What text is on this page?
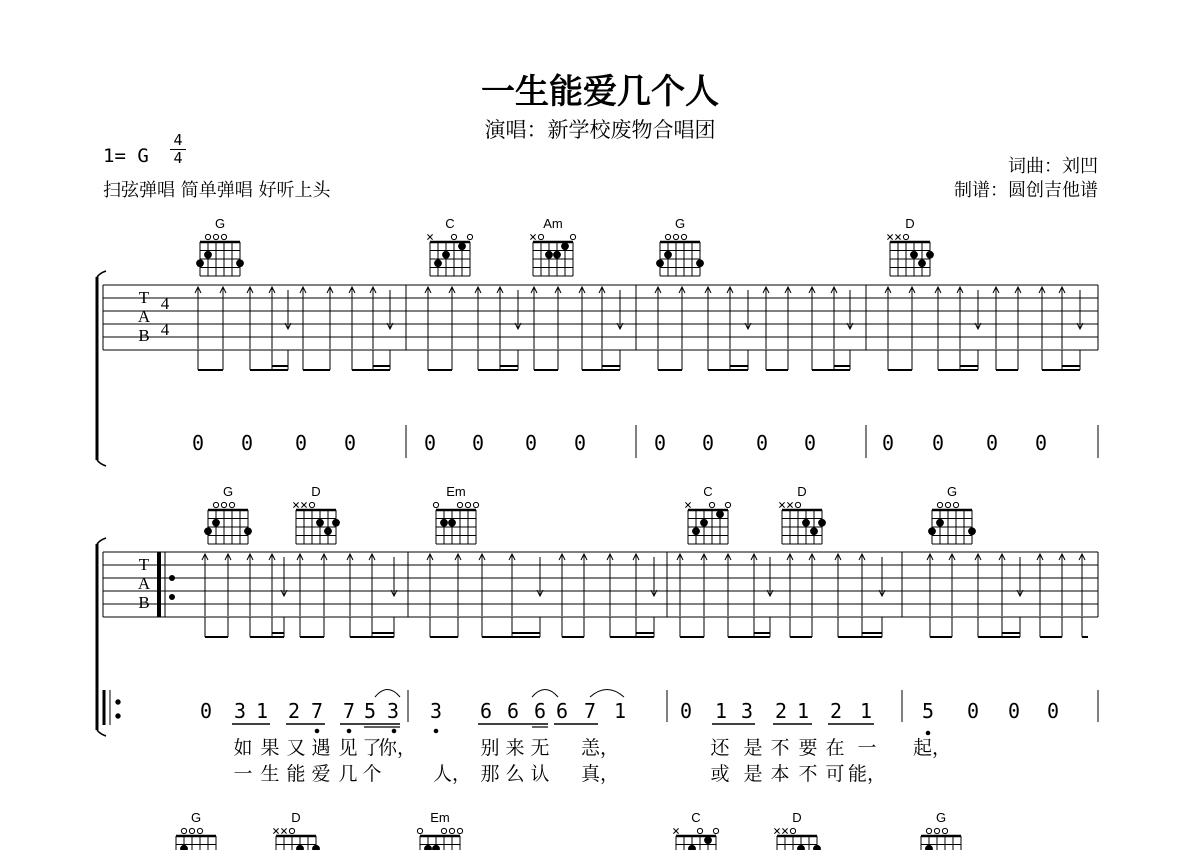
一生能爱几个人
演唱：新学校废物合唱团
1= G
4
4
扫弦弹唱 简单弹唱 好听上头
词曲：刘凹
制谱：圆创吉他谱
G	C	Am	G	D
G	D	Em	C	D	G
G	D	Em	C	D	G
T
A
B
4
4
0 0 0 0	0 0 0 0	0 0 0 0	0 0 0 0
T
A
B
0 3 1 2 7 7 5 3 3 6 6 6 6 7 1	0 1 3 2 1 2 1 5 0 0 0
如 果 又 遇 见 了
你，	别 来 无 恙，	还 是 不 要 在 一 起，
一 生 能 爱 几 个	人， 那 么 认 真，	或 是 本 不 可 能，
